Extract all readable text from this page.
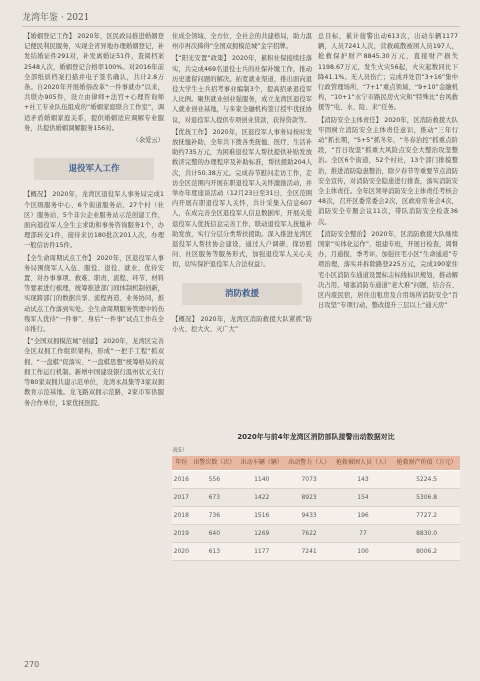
龙湾年鉴 · 2021

【婚姻登记工作】 2020年，区民政局推进婚姻登记便民利民服务，实现全省异地办理婚姻登记，补发结婚证件291对，补发离婚证51件，查阅档案2548人次，婚姻登记合格率100%。对2016年前全部纸质档案扫描并电子签名确认，共计2.8万条。自2020年开展婚俗改革“一件事就办”以来，共联办905件，设立由律师+法官+心理咨询师+社工专业队伍组成的“婚姻家庭联合工作室”，调适矛盾婚姻家庭关系，提供婚姻适应调解专业服务，共提供婚姻调解服务156对。

（余爱云）

退役军人工作

【概况】 2020年，龙湾区退役军人事务局完成1个区级服务中心、6个街道服务站、27个村（社区）服务站、5个非公企业服务站示范创建工作，面向退役军人全生主求助和事务咨询服务1个，办理部转交1件，接待来访180批次201人次，办理一般信访件15件。

【全生命周期试点工作】 2020年，区退役军人事务局围绕军人入伍、服役、退役、就业、优待安置、对办事事项、救难、职责、流程、环节、材料等要素进行梳理，统筹推进部门间体制机制创新，实现跨部门的数据共享、流程再造、业务协同，推动试点工作落到实处。全生命周期服务管理中的伤残军人优待“一件事”、身后“一件事”试点工作在全市推行。

【“全国双拥模范城”创建】 2020年，龙湾区完善全区双拥工作组织架构，形成“一把手工程”抓双拥、“一盘棋”促落实、“一盘棋思想”统筹格局的双拥工作运行机制。新增中国建设银行温州状元支行等80家双拥共建示范单位，龙湾永昌集等3家双拥教育示范基地。龙飞路双拥示范路，2家市军供服务合作单位，1家优抚医院。

住成全领域、全方位、全社会的共建格局，助力温州市再次捧得“全国双拥模范城”金字招牌。

【“阳光安置”政策】 2020年，累积社保接续挂落实，共完成469名退役士兵的社保补缴工作，推动历史遗留问题的解决。拓宽就业渠道，推出面向退役大学生士兵招考事业编制3个，提高招录退役军人比例。聚焦就业创业强服务，成立龙湾区退役军人就业创业基地，与多家全融机构签订授牢优抚协议，对退役军人提供专项创业贷款，获得贷款等。

【优抚工作】 2020年，区退役军人事务局按时发放抚恤补助，全年共下拨各类抚恤、医疗、生活补助约735万元，为困难退役军人帮扶提供补贴发放救济完整的办理程序及补助标准，帮扶援助204人次，共计50.38万元。完成春节慰问走访工作，走访全区范围内开展在职退役军人关怀激励活动，并举办年度座谈活动（12月23日至31日，全区范围内开展在职退役军人关怀，共计采集入信息607人，在成完善全区退役军人信息数据库，开展关爱退役军人优抚信息完善工作，联动退役军人抚恤补助发放，实行分层分类帮扶援助。深入推进龙湾区退役军人帮扶协会建设，通过人户调研、探访慰问、社区服务等服务形式，加强退役军人关心关切，切实保护退役军人合法权益）。

消防救援

【概况】 2020年，龙湾区消防救援大队紧抓“防小火、控大火、灭广大”

总目标，累计接警出动613次，出动车辆1177辆，人员7241人次，营救疏散被困人员197人，抢救保护财产8845.30万元，直接财产损失1198.67万元，发生火灾56起，火灾起数同比下降41.1%。无人员伤亡；完成并处罚“3+16”集中行政管理场所、“7+1”重点领域、“9+10”金融机构，“10+1”水宁市路民房火灾和“特殊比”台风救援等“电、水、险、来”任务。

【消防安全主体责任】 2020年，区消防救援大队牢固树立消防安全主体责任意识，推动“三年行动”抓长期，“5+5”抓冬年，“冬春治控”抓重点阶段，“百日攻坚”抓重大风险点安全大整治攻坚整治。全区6个街道，52个村社，13个部门排摸整治，推进消防隐患整治，除夕春节等重要节点消防安全宣传，对消防安全隐患进行排查，落实消防安全主体责任。全年区领导消防安全主体责任考核会48次，召开区委常委会2次，区政府常务会4次，消防安全专题会议11次，带队消防安全检查36次。

【消防安全整治】 2020年，区消防救援大队继续国家“实体化运作”，组建专班，开展日检查，周督办，月通报，季考评。加强住宅小区“生命通道”专项治理，落实并拆除路登225万元，完成190家住宅小区消防车通道设置标志标线标识规划，推动解决占用、堵塞消防车通道“老大难”问题，结合在、区内废民宿，居住出租房及合用场所消防安全“百日攻坚”专项行动，整改提升三层以上“通天房”

2020年与前4年龙湾区消防部队接警出动数据对比
表5）
年份	出警次数（次）	出动车辆（辆）	出动警力（人）	抢救被困人员（人）	抢救财产价值（万元）
2016	556	1140	7073	143	5224.5
2017	673	1422	8923	154	5306.8
2018	736	1516	9433	196	7727.2
2019	640	1269	7622	77	8830.0
2020	613	1177	7241	100	8006.2
270
